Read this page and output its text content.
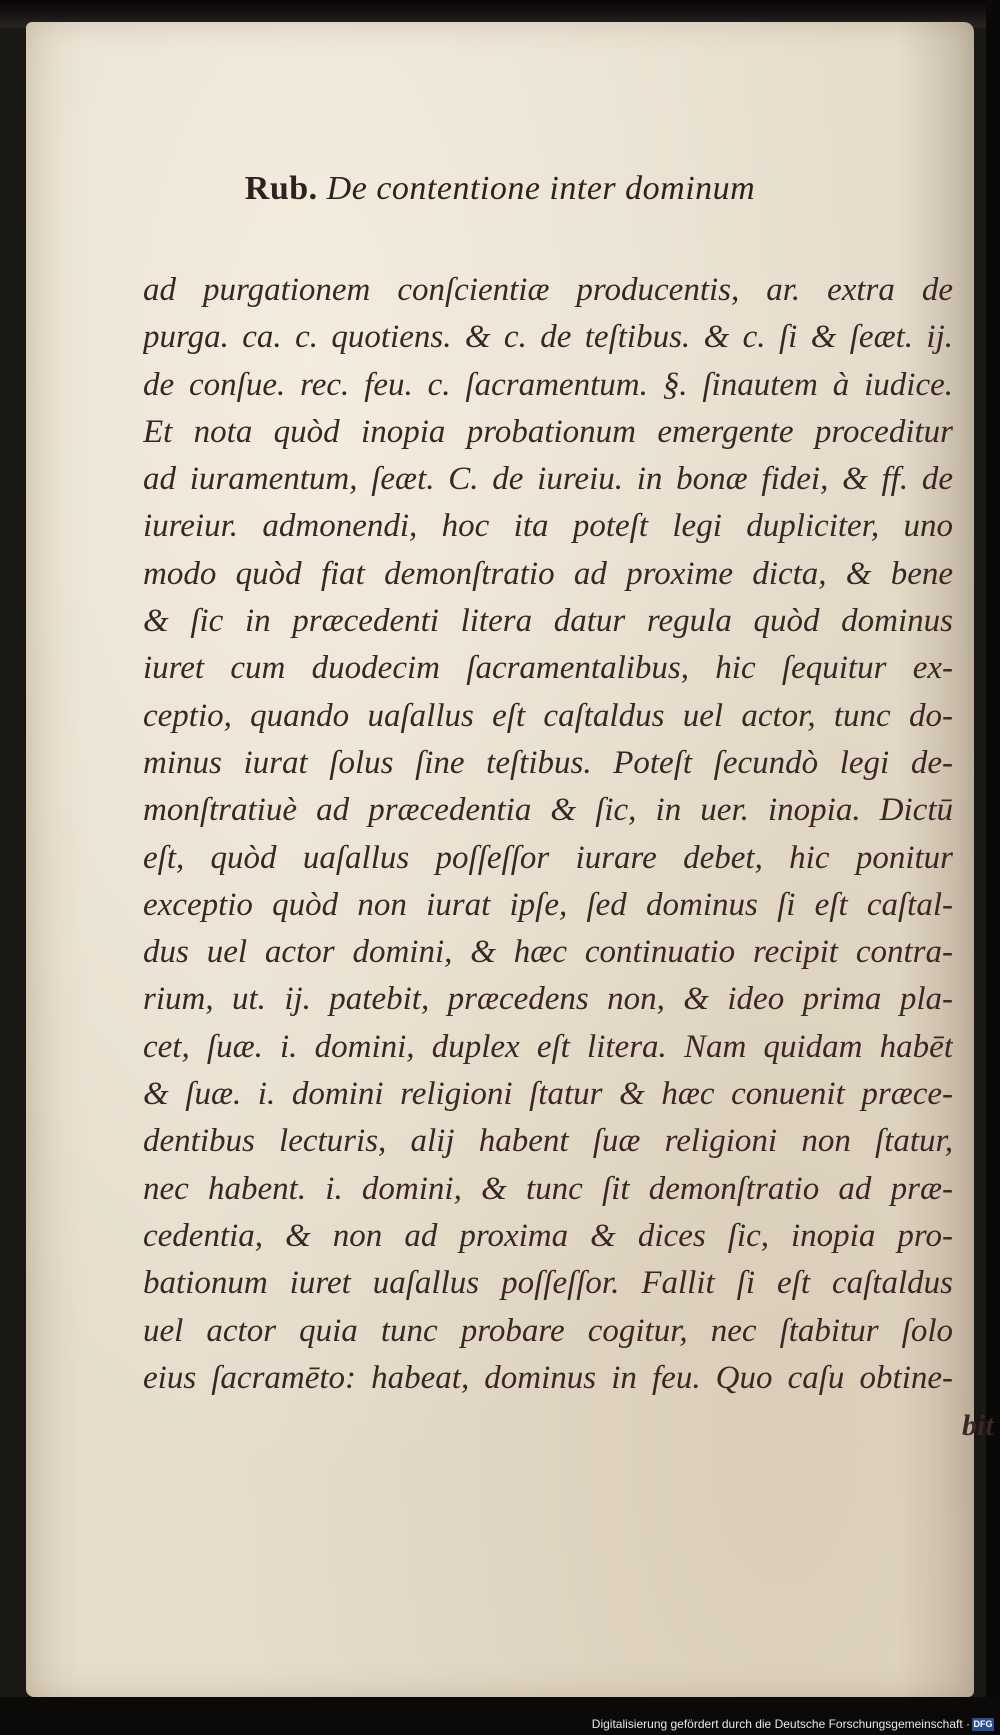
Rub. De contentione inter dominum
ad purgationem conſcientiæ producentis, ar. extra de
purga. ca. c. quotiens. & c. de teſtibus. & c. ſi & ſeæt. ij.
de conſue. rec. feu. c. ſacramentum. §. ſinautem à iudice.
Et nota quòd inopia probationum emergente proceditur
ad iuramentum, ſeæt. C. de iureiu. in bonæ fidei, & ff. de
iureiur. admonendi, hoc ita poteſt legi dupliciter, uno
modo quòd fiat demonſtratio ad proxime dicta, & bene
& ſic in præcedenti litera datur regula quòd dominus
iuret cum duodecim ſacramentalibus, hic ſequitur ex-
ceptio, quando uaſallus eſt caſtaldus uel actor, tunc do-
minus iurat ſolus ſine teſtibus. Poteſt ſecundò legi de-
monſtratiuè ad præcedentia & ſic, in uer. inopia. Dictū
eſt, quòd uaſallus poſſeſſor iurare debet, hic ponitur
exceptio quòd non iurat ipſe, ſed dominus ſi eſt caſtal-
dus uel actor domini, & hæc continuatio recipit contra-
rium, ut. ij. patebit, præcedens non, & ideo prima pla-
cet, ſuæ. i. domini, duplex eſt litera. Nam quidam habēt
& ſuæ. i. domini religioni ſtatur & hæc conuenit præce-
dentibus lecturis, alij habent ſuæ religioni non ſtatur,
nec habent. i. domini, & tunc ſit demonſtratio ad præ-
cedentia, & non ad proxima & dices ſic, inopia pro-
bationum iuret uaſallus poſſeſſor. Fallit ſi eſt caſtaldus
uel actor quia tunc probare cogitur, nec ſtabitur ſolo
eius ſacramēto: habeat, dominus in feu. Quo caſu obtine-
bit
Digitalisierung gefördert durch die Deutsche Forschungsgemeinschaft · DFG
